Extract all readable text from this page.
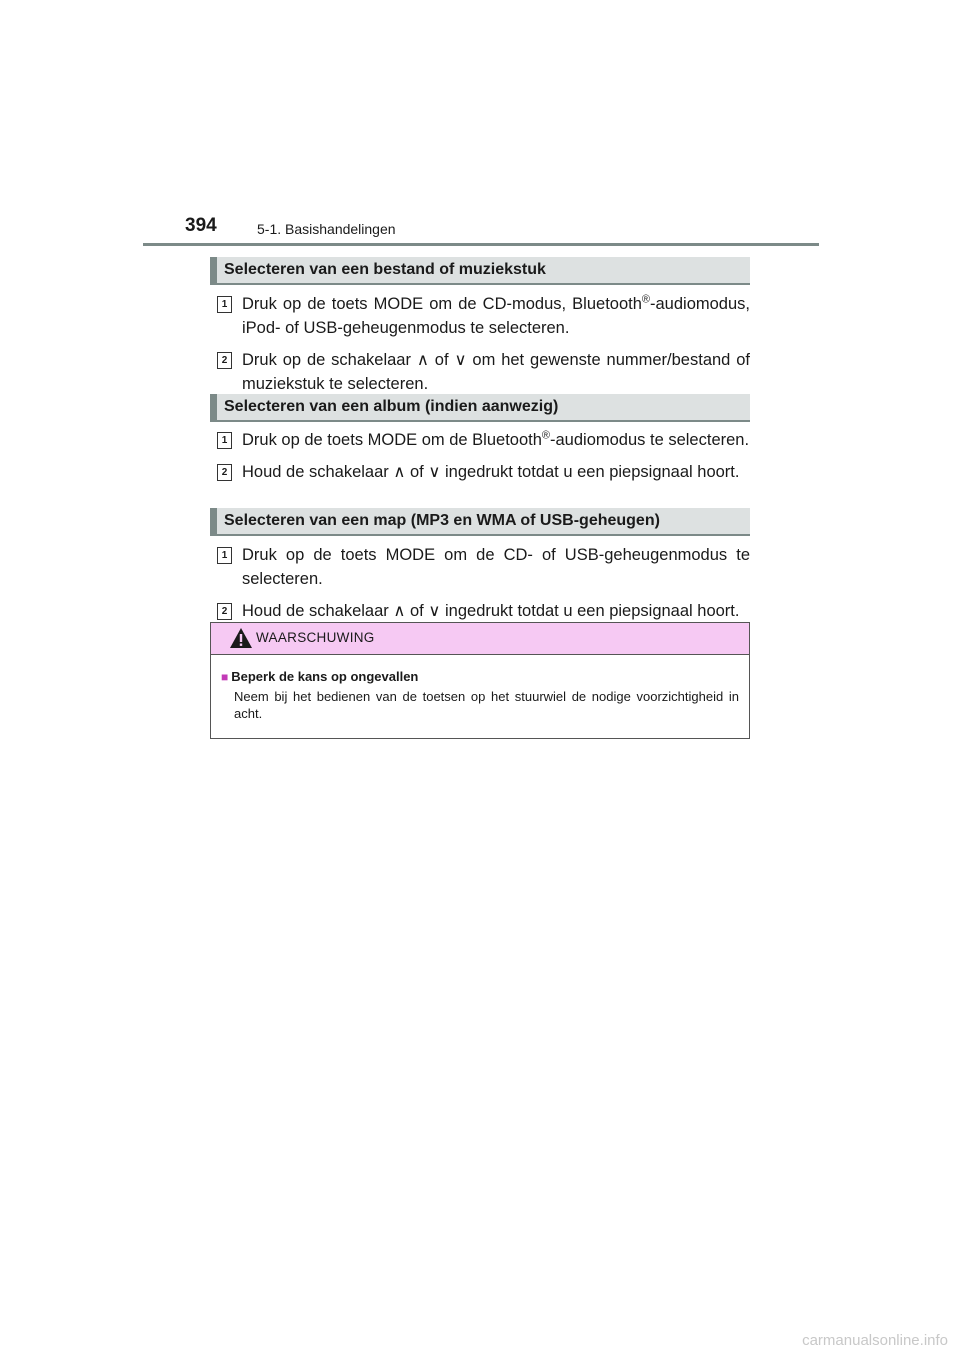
394	5-1. Basishandelingen
Selecteren van een bestand of muziekstuk
1 Druk op de toets MODE om de CD-modus, Bluetooth®-audiomodus, iPod- of USB-geheugenmodus te selecteren.
2 Druk op de schakelaar ∧ of ∨ om het gewenste nummer/bestand of muziekstuk te selecteren.
Selecteren van een album (indien aanwezig)
1 Druk op de toets MODE om de Bluetooth®-audiomodus te selecteren.
2 Houd de schakelaar ∧ of ∨ ingedrukt totdat u een piepsignaal hoort.
Selecteren van een map (MP3 en WMA of USB-geheugen)
1 Druk op de toets MODE om de CD- of USB-geheugenmodus te selecteren.
2 Houd de schakelaar ∧ of ∨ ingedrukt totdat u een piepsignaal hoort.
WAARSCHUWING
■ Beperk de kans op ongevallen
Neem bij het bedienen van de toetsen op het stuurwiel de nodige voorzichtigheid in acht.
carmanualsonline.info
